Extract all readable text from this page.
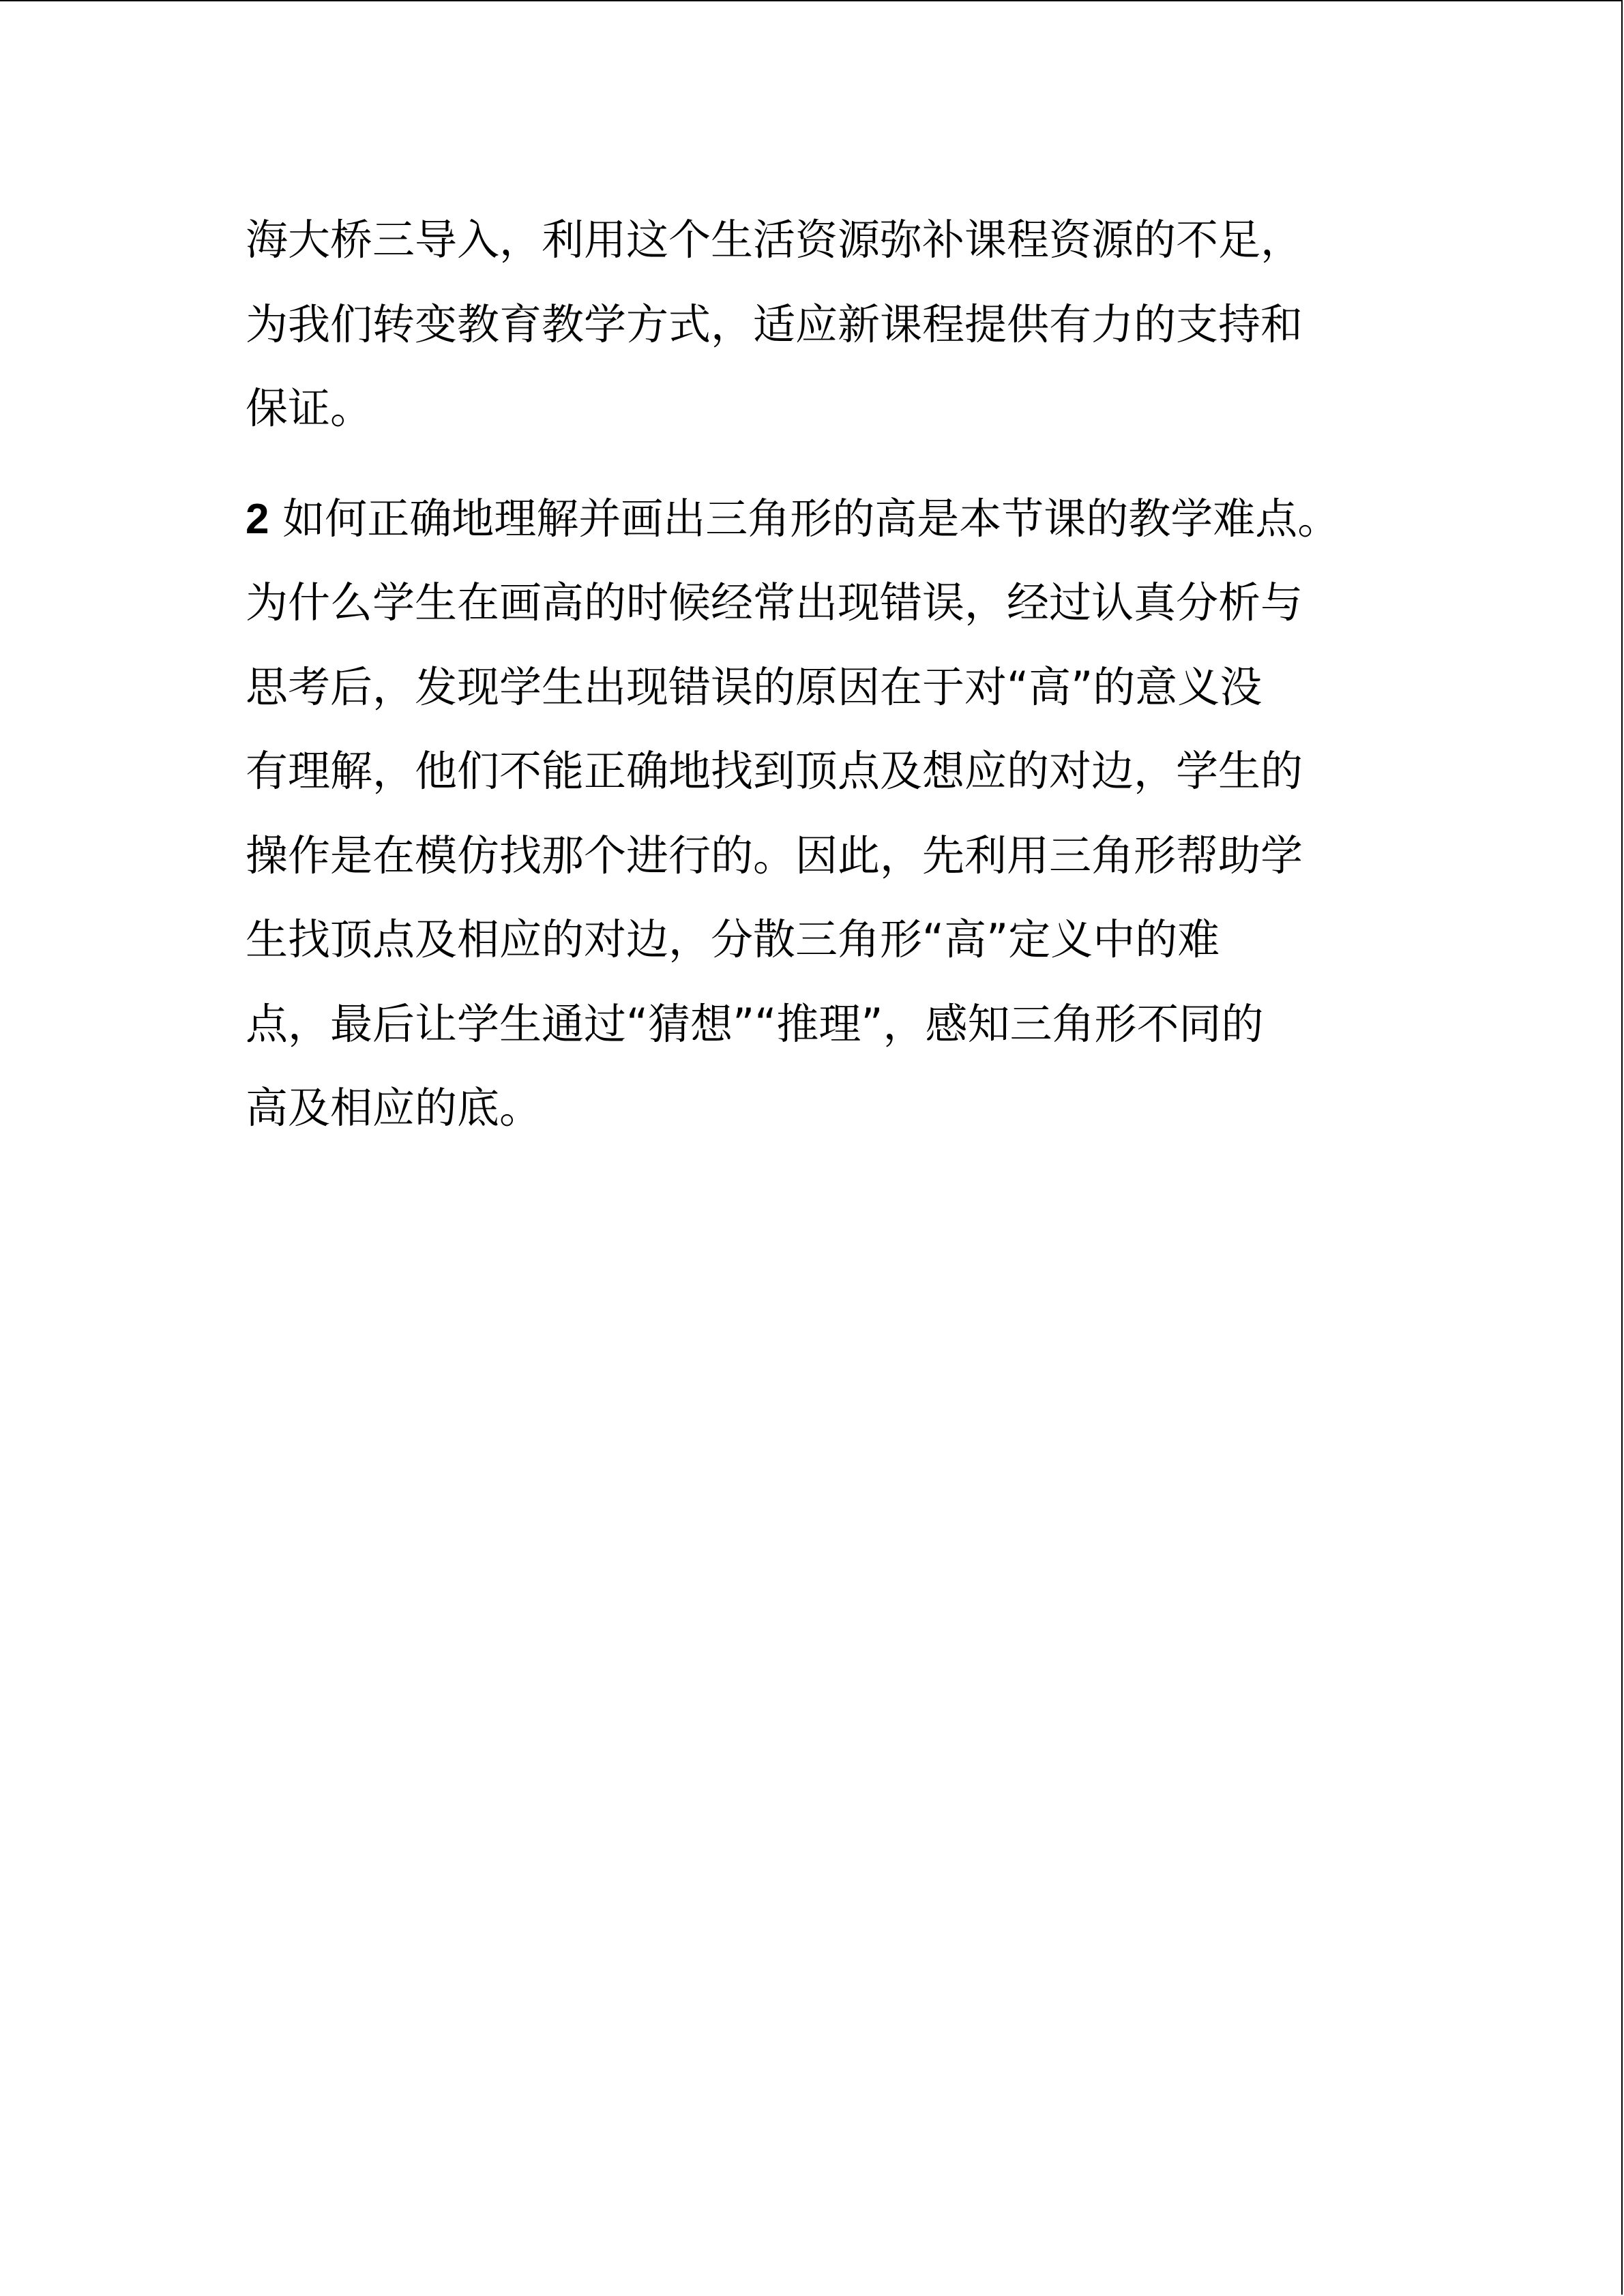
海大桥三导入，利用这个生活资源弥补课程资源的不足，
为我们转变教育教学方式，适应新课程提供有力的支持和
保证。
2 如何正确地理解并画出三角形的高是本节课的教学难点。
为什么学生在画高的时候经常出现错误，经过认真分析与
思考后，发现学生出现错误的原因在于对“高”的意义没
有理解，他们不能正确地找到顶点及想应的对边，学生的
操作是在模仿找那个进行的。因此，先利用三角形帮助学
生找顶点及相应的对边，分散三角形“高”定义中的难
点，最后让学生通过“猜想”“推理”，感知三角形不同的
高及相应的底。
